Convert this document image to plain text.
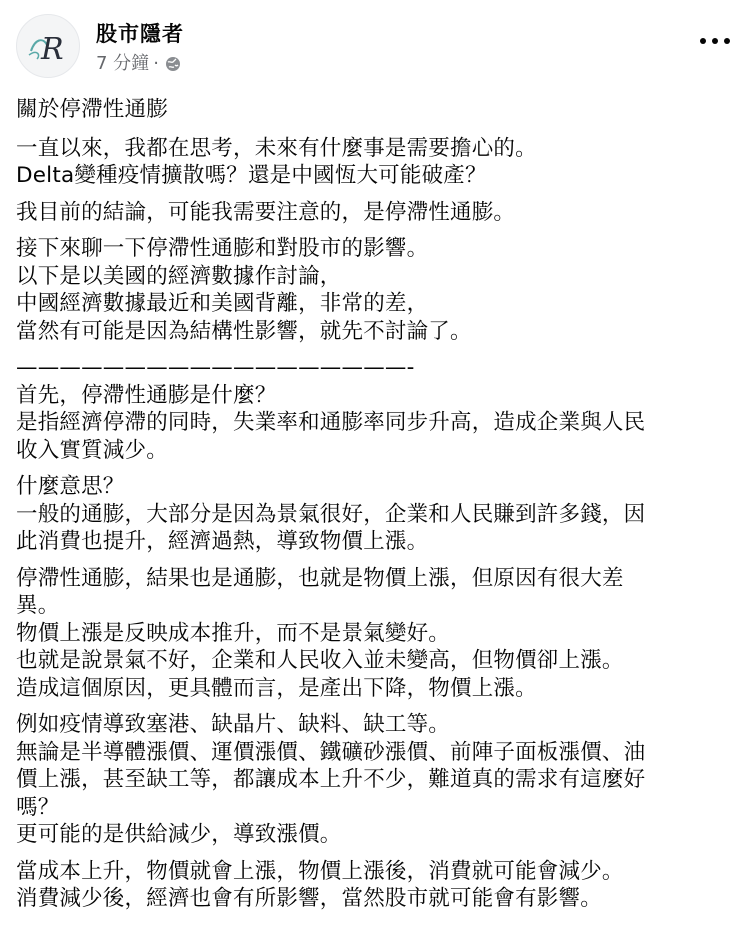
R 股市隱者
7 分鐘 ·
關於停滯性通膨
一直以來，我都在思考，未來有什麼事是需要擔心的。
Delta變種疫情擴散嗎？還是中國恆大可能破產？
我目前的結論，可能我需要注意的，是停滯性通膨。
接下來聊一下停滯性通膨和對股市的影響。
以下是以美國的經濟數據作討論，
中國經濟數據最近和美國背離，非常的差，
當然有可能是因為結構性影響，就先不討論了。
——————————————————-
首先，停滯性通膨是什麼？
是指經濟停滯的同時，失業率和通膨率同步升高，造成企業與人民
收入實質減少。
什麼意思？
一般的通膨，大部分是因為景氣很好，企業和人民賺到許多錢，因
此消費也提升，經濟過熱，導致物價上漲。
停滯性通膨，結果也是通膨，也就是物價上漲，但原因有很大差
異。
物價上漲是反映成本推升，而不是景氣變好。
也就是說景氣不好，企業和人民收入並未變高，但物價卻上漲。
造成這個原因，更具體而言，是產出下降，物價上漲。
例如疫情導致塞港、缺晶片、缺料、缺工等。
無論是半導體漲價、運價漲價、鐵礦砂漲價、前陣子面板漲價、油
價上漲，甚至缺工等，都讓成本上升不少，難道真的需求有這麼好
嗎？
更可能的是供給減少，導致漲價。
當成本上升，物價就會上漲，物價上漲後，消費就可能會減少。
消費減少後，經濟也會有所影響，當然股市就可能會有影響。
